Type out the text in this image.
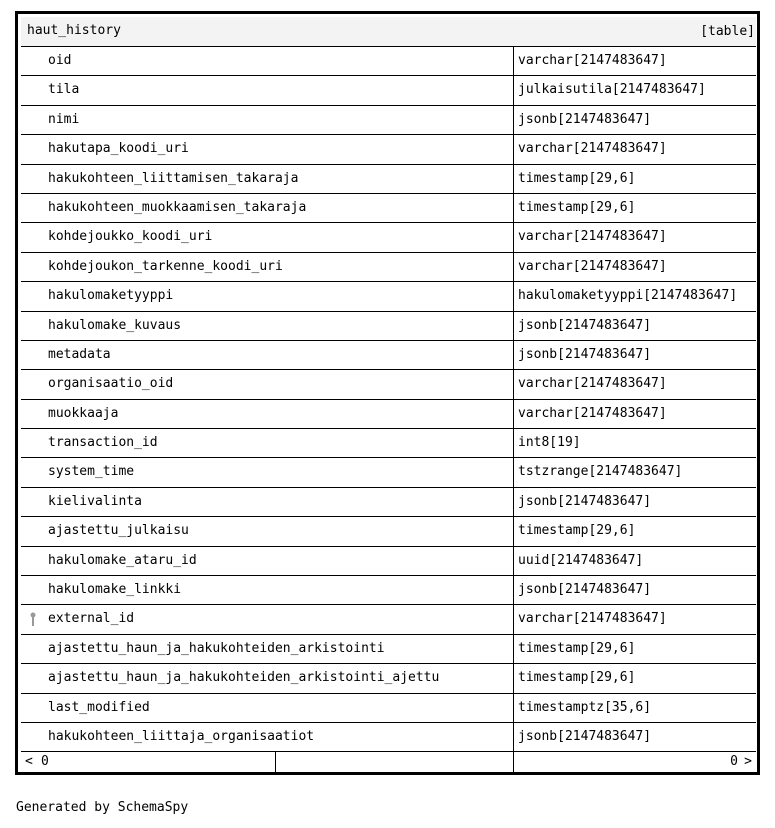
haut_history	[table]
oid	varchar[2147483647]
tila	julkaisutila[2147483647]
nimi	jsonb[2147483647]
hakutapa_koodi_uri	varchar[2147483647]
hakukohteen_liittamisen_takaraja	timestamp[29,6]
hakukohteen_muokkaamisen_takaraja	timestamp[29,6]
kohdejoukko_koodi_uri	varchar[2147483647]
kohdejoukon_tarkenne_koodi_uri	varchar[2147483647]
hakulomaketyyppi	hakulomaketyyppi[2147483647]
hakulomake_kuvaus	jsonb[2147483647]
metadata	jsonb[2147483647]
organisaatio_oid	varchar[2147483647]
muokkaaja	varchar[2147483647]
transaction_id	int8[19]
system_time	tstzrange[2147483647]
kielivalinta	jsonb[2147483647]
ajastettu_julkaisu	timestamp[29,6]
hakulomake_ataru_id	uuid[2147483647]
hakulomake_linkki	jsonb[2147483647]
external_id	varchar[2147483647]
ajastettu_haun_ja_hakukohteiden_arkistointi	timestamp[29,6]
ajastettu_haun_ja_hakukohteiden_arkistointi_ajettu	timestamp[29,6]
last_modified	timestamptz[35,6]
hakukohteen_liittaja_organisaatiot	jsonb[2147483647]
< 0	0 >
Generated by SchemaSpy
